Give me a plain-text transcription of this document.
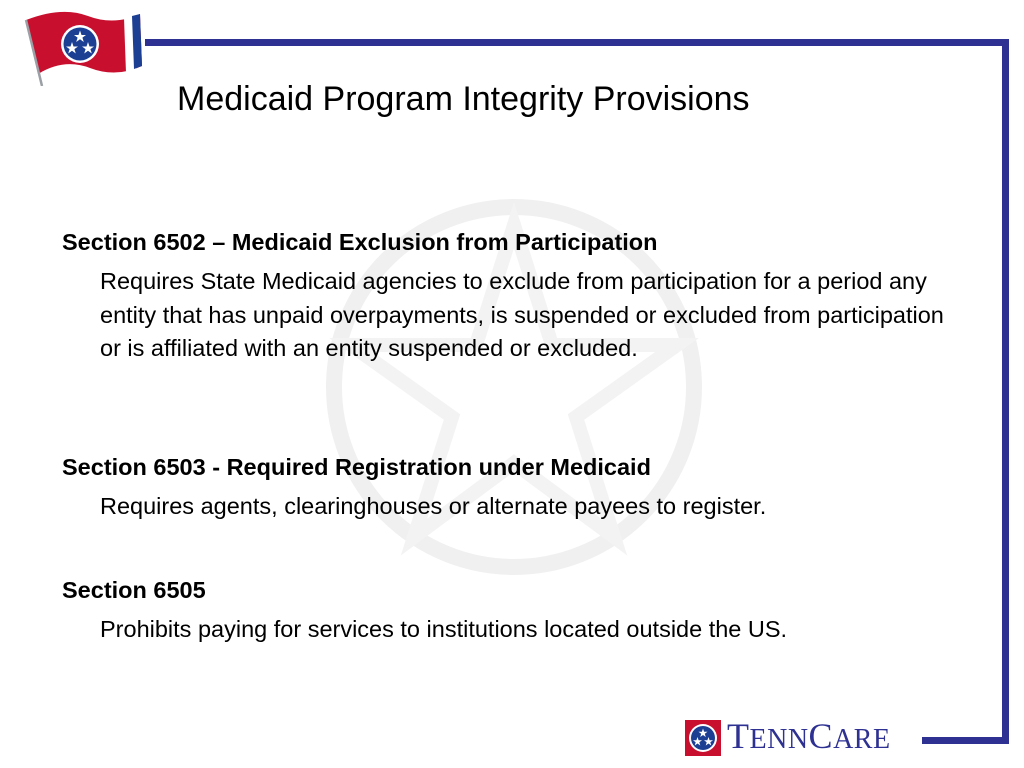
Medicaid Program Integrity Provisions

Section 6502 – Medicaid Exclusion from Participation

Requires State Medicaid agencies to exclude from participation for a period any entity that has unpaid overpayments, is suspended or excluded from participation or is affiliated with an entity suspended or excluded.

Section 6503 - Required Registration under Medicaid

Requires agents, clearinghouses or alternate payees to register.

Section 6505

Prohibits paying for services to institutions located outside the US.

TENNCARE
